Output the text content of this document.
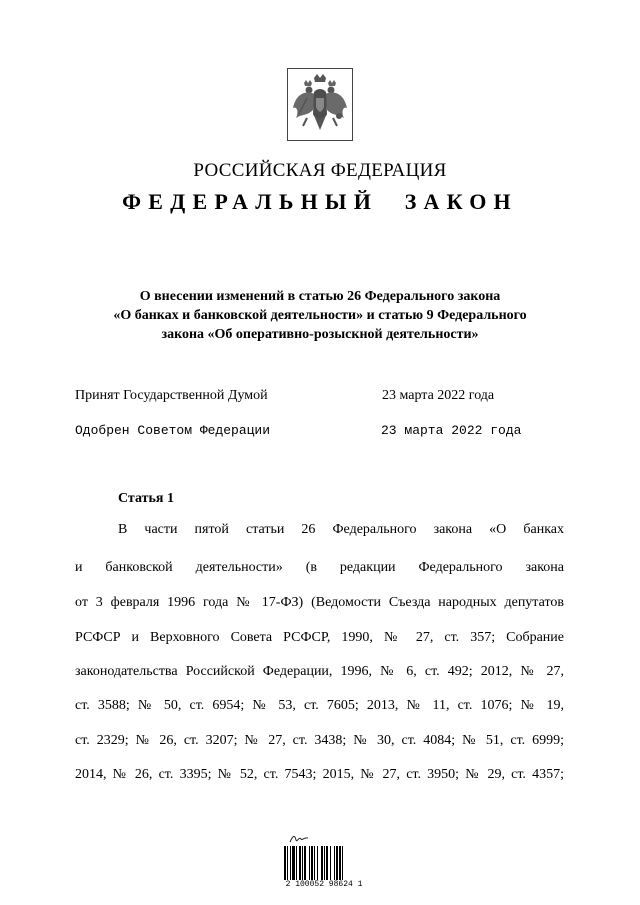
РОССИЙСКАЯ ФЕДЕРАЦИЯ
ФЕДЕРАЛЬНЫЙ ЗАКОН
О внесении изменений в статью 26 Федерального закона
«О банках и банковской деятельности» и статью 9 Федерального
закона «Об оперативно-розыскной деятельности»
Принят Государственной Думой	23 марта 2022 года
Одобрен Советом Федерации	23 марта 2022 года
Статья 1
В части пятой статьи 26 Федерального закона «О банках
и банковской деятельности» (в редакции Федерального закона
от 3 февраля 1996 года № 17-ФЗ) (Ведомости Съезда народных депутатов
РСФСР и Верховного Совета РСФСР, 1990, № 27, ст. 357; Собрание
законодательства Российской Федерации, 1996, № 6, ст. 492; 2012, № 27,
ст. 3588; № 50, ст. 6954; № 53, ст. 7605; 2013, № 11, ст. 1076; № 19,
ст. 2329; № 26, ст. 3207; № 27, ст. 3438; № 30, ст. 4084; № 51, ст. 6999;
2014, № 26, ст. 3395; № 52, ст. 7543; 2015, № 27, ст. 3950; № 29, ст. 4357;
2 100052 98624 1
